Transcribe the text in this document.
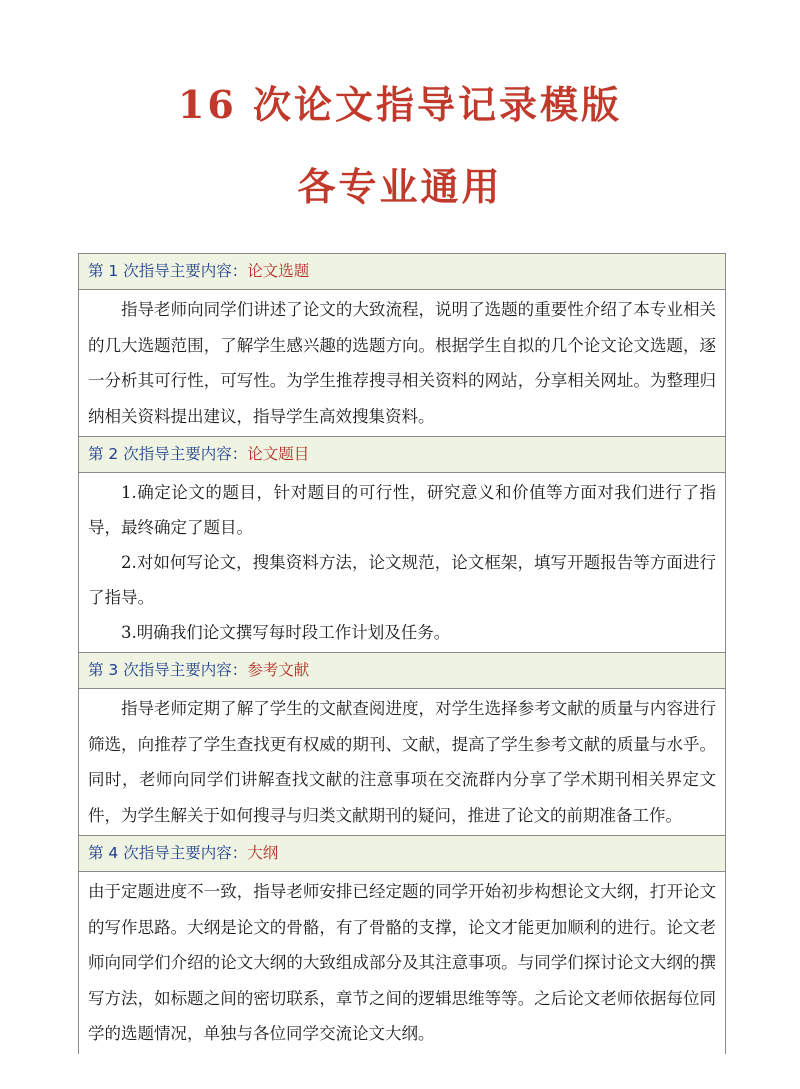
16 次论文指导记录模版
各专业通用
第 1 次指导主要内容：论文选题

指导老师向同学们讲述了论文的大致流程，说明了选题的重要性介绍了本专业相关的几大选题范围，了解学生感兴趣的选题方向。根据学生自拟的几个论文论文选题，逐一分析其可行性，可写性。为学生推荐搜寻相关资料的网站，分享相关网址。为整理归纳相关资料提出建议，指导学生高效搜集资料。

第 2 次指导主要内容：论文题目

1.确定论文的题目，针对题目的可行性，研究意义和价值等方面对我们进行了指导，最终确定了题目。

2.对如何写论文，搜集资料方法，论文规范，论文框架，填写开题报告等方面进行了指导。

3.明确我们论文撰写每时段工作计划及任务。

第 3 次指导主要内容：参考文献

指导老师定期了解了学生的文献查阅进度，对学生选择参考文献的质量与内容进行筛选，向推荐了学生查找更有权威的期刊、文献，提高了学生参考文献的质量与水乎。同时，老师向同学们讲解查找文献的注意事项在交流群内分享了学术期刊相关界定文件，为学生解关于如何搜寻与归类文献期刊的疑问，推进了论文的前期准备工作。

第 4 次指导主要内容：大纲

由于定题进度不一致，指导老师安排已经定题的同学开始初步构想论文大纲，打开论文的写作思路。大纲是论文的骨骼，有了骨骼的支撑，论文才能更加顺利的进行。论文老师向同学们介绍的论文大纲的大致组成部分及其注意事项。与同学们探讨论文大纲的撰写方法，如标题之间的密切联系，章节之间的逻辑思维等等。之后论文老师依据每位同学的选题情况，单独与各位同学交流论文大纲。
